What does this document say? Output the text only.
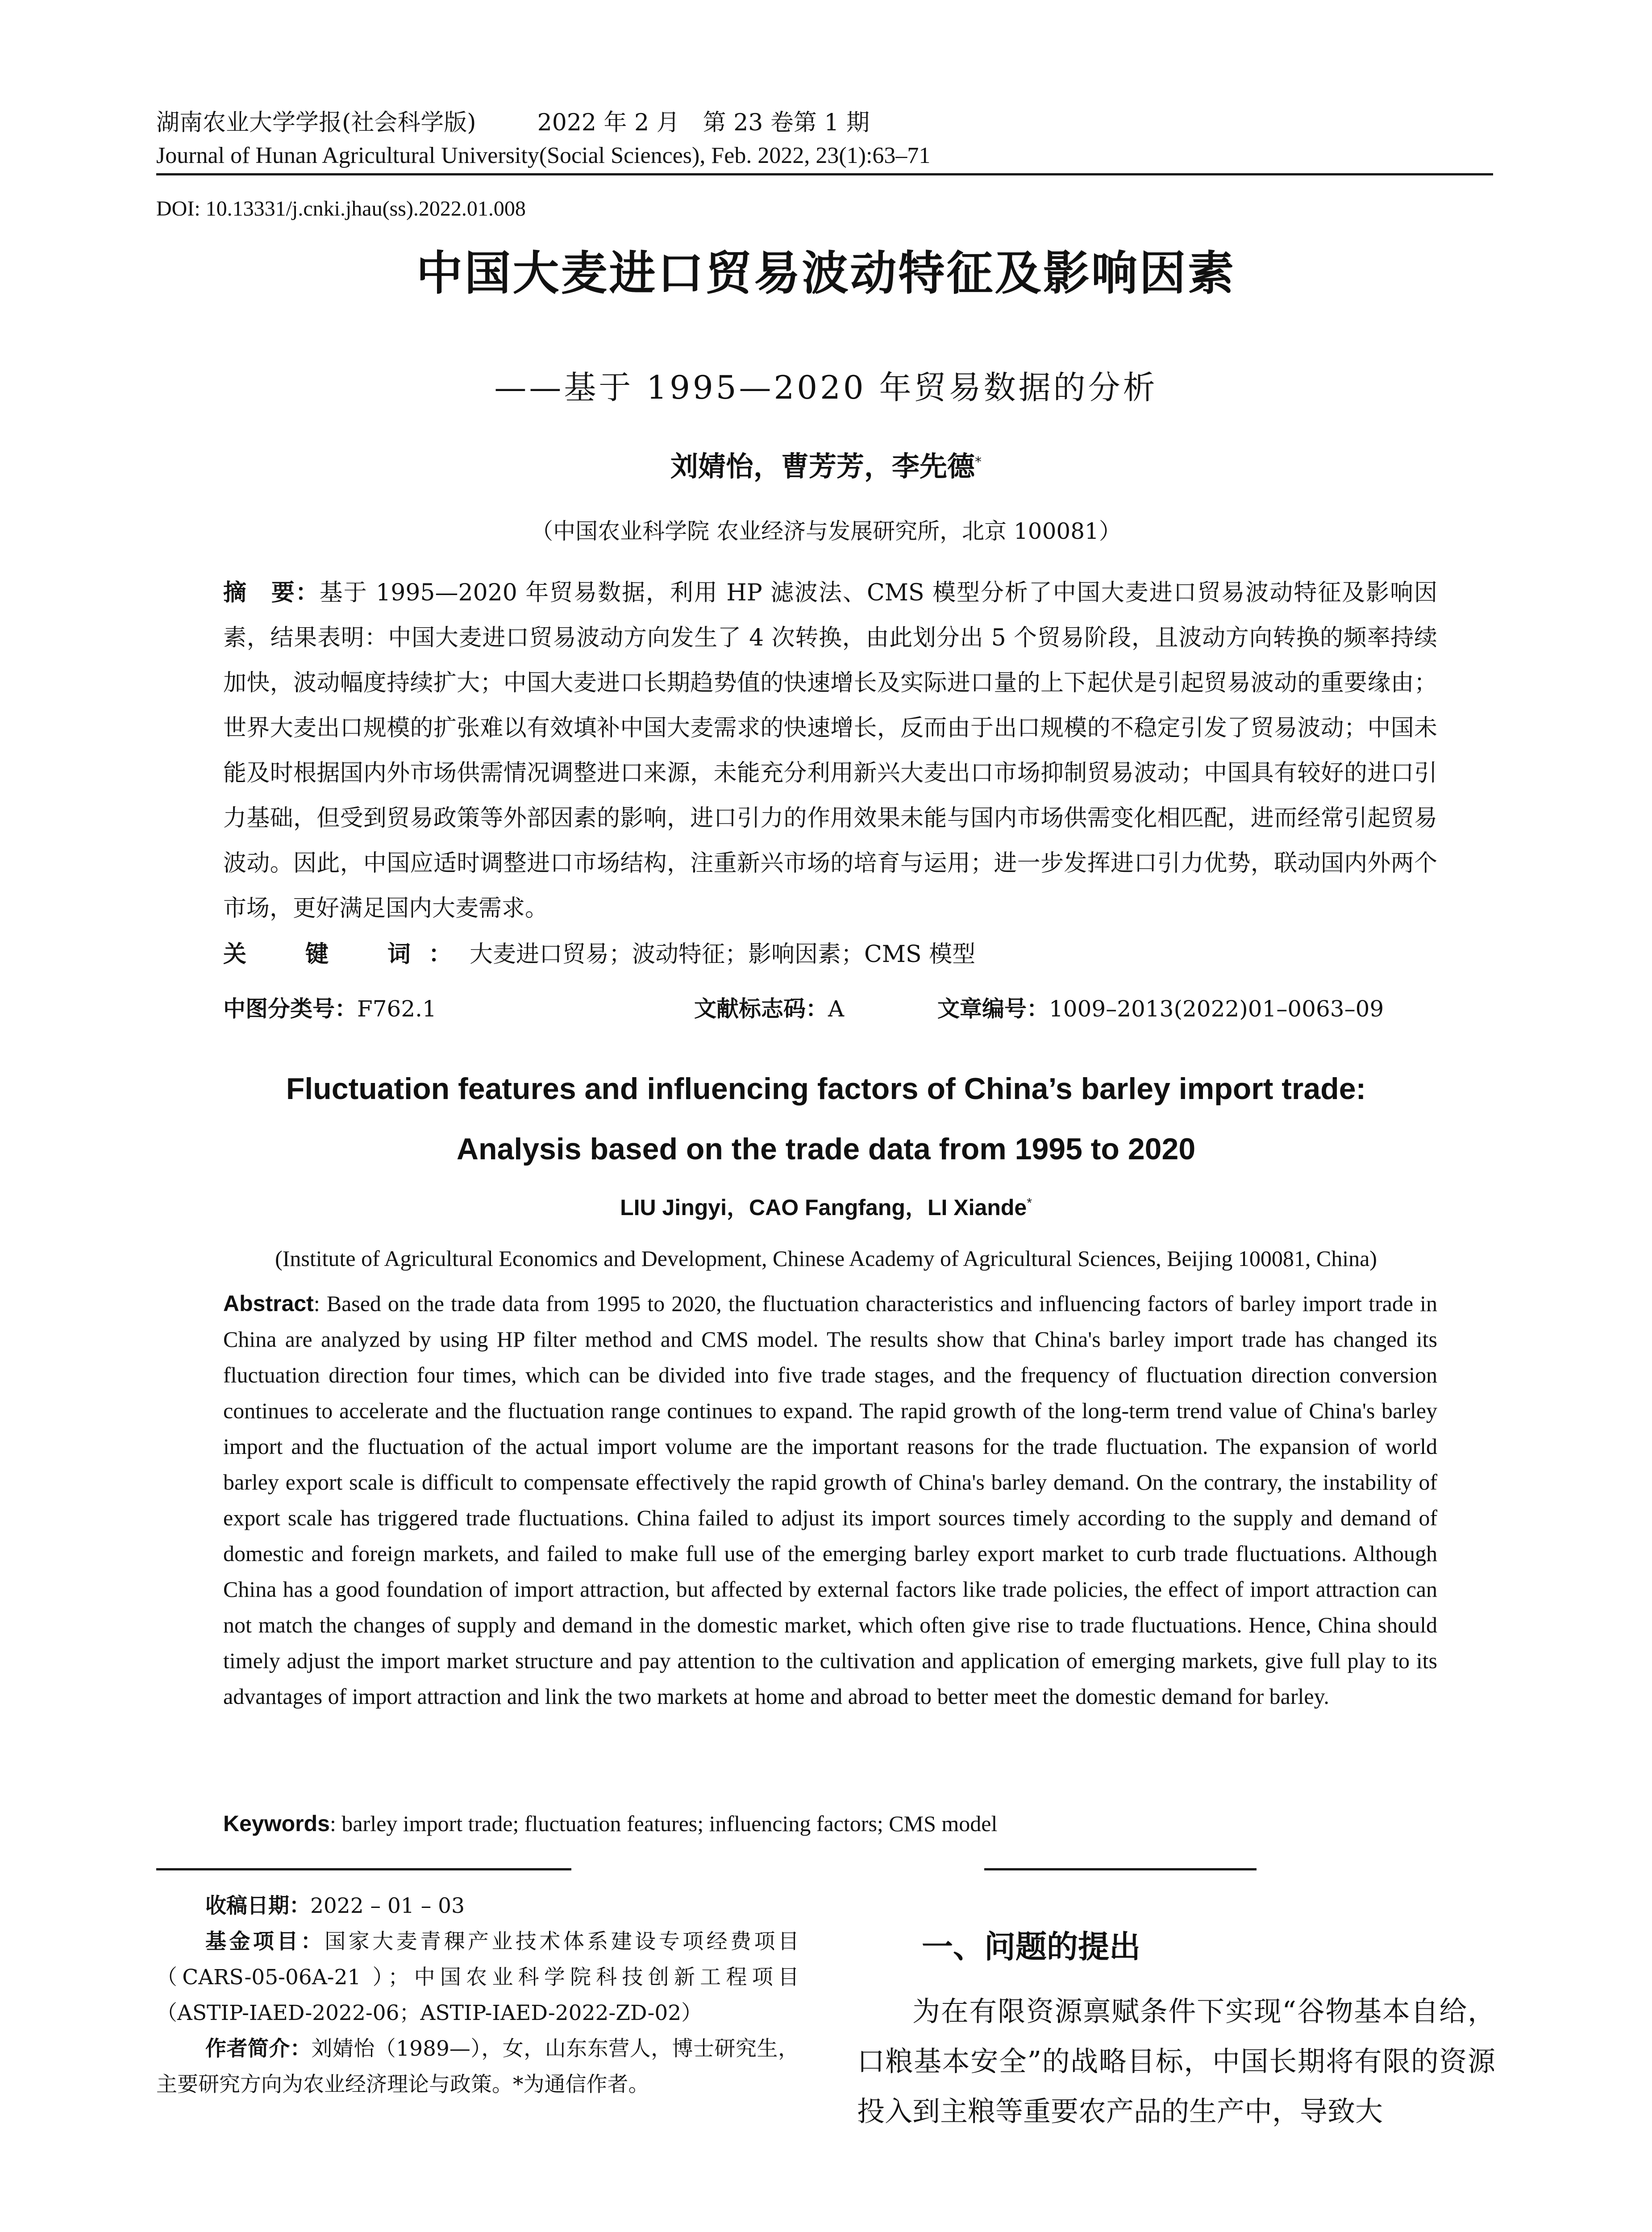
湖南农业大学学报(社会科学版) 　　	2022 年 2 月　第 23 卷第 1 期
Journal of Hunan Agricultural University(Social Sciences), Feb. 2022, 23(1):63–71
DOI: 10.13331/j.cnki.jhau(ss).2022.01.008
中国大麦进口贸易波动特征及影响因素
——基于 1995—2020 年贸易数据的分析
刘婧怡，曹芳芳，李先德*
（中国农业科学院 农业经济与发展研究所，北京 100081）
摘　要：基于 1995—2020 年贸易数据，利用 HP 滤波法、CMS 模型分析了中国大麦进口贸易波动特征及影响因素，结果表明：中国大麦进口贸易波动方向发生了 4 次转换，由此划分出 5 个贸易阶段，且波动方向转换的频率持续加快，波动幅度持续扩大；中国大麦进口长期趋势值的快速增长及实际进口量的上下起伏是引起贸易波动的重要缘由；世界大麦出口规模的扩张难以有效填补中国大麦需求的快速增长，反而由于出口规模的不稳定引发了贸易波动；中国未能及时根据国内外市场供需情况调整进口来源，未能充分利用新兴大麦出口市场抑制贸易波动；中国具有较好的进口引力基础，但受到贸易政策等外部因素的影响，进口引力的作用效果未能与国内市场供需变化相匹配，进而经常引起贸易波动。因此，中国应适时调整进口市场结构，注重新兴市场的培育与运用；进一步发挥进口引力优势，联动国内外两个市场，更好满足国内大麦需求。
关　键　词：大麦进口贸易；波动特征；影响因素；CMS 模型
中图分类号：F762.1	文献标志码：A	文章编号：1009–2013(2022)01–0063–09
Fluctuation features and influencing factors of China’s barley import trade:
Analysis based on the trade data from 1995 to 2020
LIU Jingyi，CAO Fangfang，LI Xiande*
(Institute of Agricultural Economics and Development, Chinese Academy of Agricultural Sciences, Beijing 100081, China)
Abstract: Based on the trade data from 1995 to 2020, the fluctuation characteristics and influencing factors of barley import trade in China are analyzed by using HP filter method and CMS model. The results show that China's barley import trade has changed its fluctuation direction four times, which can be divided into five trade stages, and the frequency of fluctuation direction conversion continues to accelerate and the fluctuation range continues to expand. The rapid growth of the long-term trend value of China's barley import and the fluctuation of the actual import volume are the important reasons for the trade fluctuation. The expansion of world barley export scale is difficult to compensate effectively the rapid growth of China's barley demand. On the contrary, the instability of export scale has triggered trade fluctuations. China failed to adjust its import sources timely according to the supply and demand of domestic and foreign markets, and failed to make full use of the emerging barley export market to curb trade fluctuations. Although China has a good foundation of import attraction, but affected by external factors like trade policies, the effect of import attraction can not match the changes of supply and demand in the domestic market, which often give rise to trade fluctuations. Hence, China should timely adjust the import market structure and pay attention to the cultivation and application of emerging markets, give full play to its advantages of import attraction and link the two markets at home and abroad to better meet the domestic demand for barley.
Keywords: barley import trade; fluctuation features; influencing factors; CMS model

收稿日期：2022 – 01 – 03

基金项目：国家大麦青稞产业技术体系建设专项经费项目（CARS-05-06A-21 ）；中国农业科学院科技创新工程项目（ASTIP-IAED-2022-06；ASTIP-IAED-2022-ZD-02）

作者简介：刘婧怡（1989—），女，山东东营人，博士研究生，主要研究方向为农业经济理论与政策。*为通信作者。

一、问题的提出

为在有限资源禀赋条件下实现“谷物基本自给，口粮基本安全”的战略目标，中国长期将有限的资源投入到主粮等重要农产品的生产中，导致大
